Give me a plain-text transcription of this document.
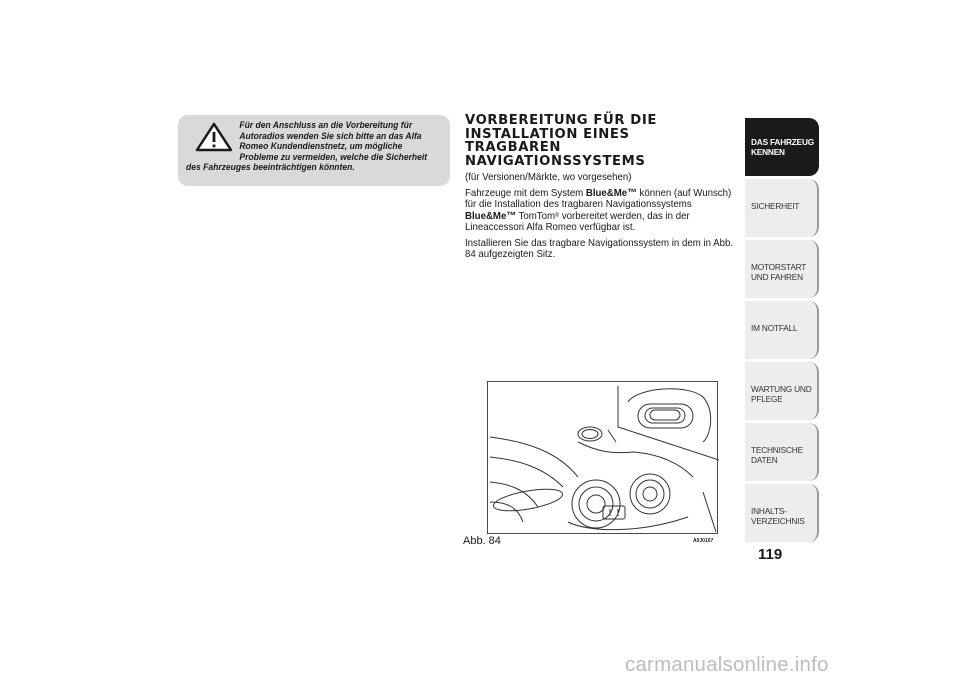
Für den Anschluss an die Vorbereitung für Autoradios wenden Sie sich bitte an das Alfa Romeo Kundendienstnetz, um mögliche Probleme zu vermeiden, welche die Sicherheit des Fahrzeuges beeinträchtigen könnten.

VORBEREITUNG FÜR DIE INSTALLATION EINES TRAGBAREN NAVIGATIONSSYSTEMS

(für Versionen/Märkte, wo vorgesehen)

Fahrzeuge mit dem System Blue&Me™ können (auf Wunsch) für die Installation des tragbaren Navigationssystems Blue&Me™ TomTom® vorbereitet werden, das in der Lineaccessori Alfa Romeo verfügbar ist.

Installieren Sie das tragbare Navigationssystem in dem in Abb. 84 aufgezeigten Sitz.

Abb. 84	A0J0107
DAS FAHRZEUG KENNEN
SICHERHEIT
MOTORSTART UND FAHREN
IM NOTFALL
WARTUNG UND PFLEGE
TECHNISCHE DATEN
INHALTS-VERZEICHNIS
119
carmanualsonline.info
